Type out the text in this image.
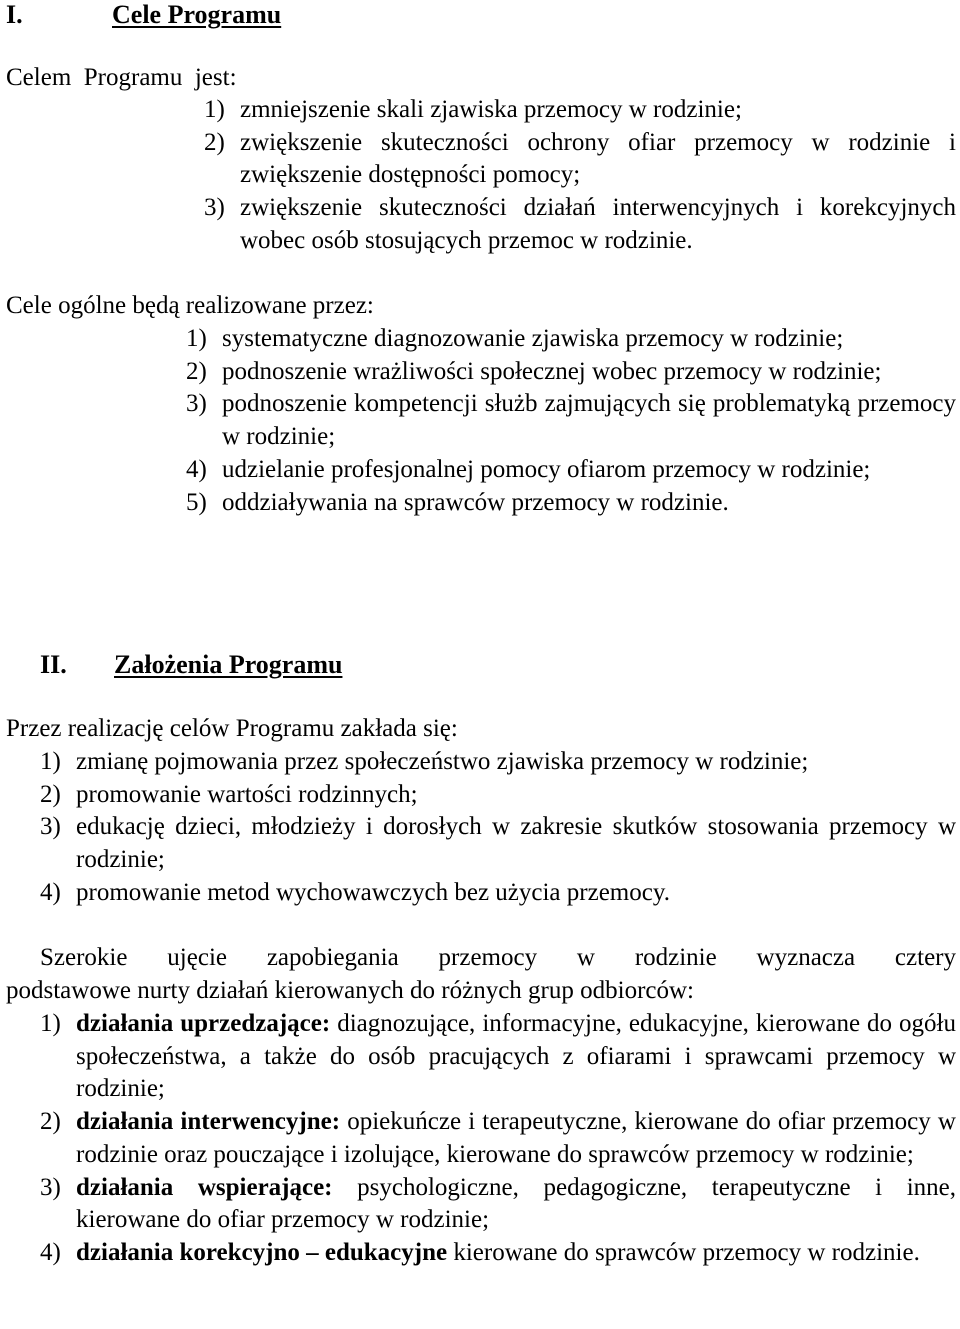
I.	Cele Programu
Celem  Programu  jest:
1) zmniejszenie skali zjawiska przemocy w rodzinie;
2) zwiększenie skuteczności ochrony ofiar przemocy w rodzinie i zwiększenie dostępności pomocy;
3) zwiększenie skuteczności działań interwencyjnych i korekcyjnych wobec osób stosujących przemoc w rodzinie.
Cele ogólne będą realizowane przez:
1) systematyczne diagnozowanie zjawiska przemocy w rodzinie;
2) podnoszenie wrażliwości społecznej wobec przemocy w rodzinie;
3) podnoszenie kompetencji służb zajmujących się problematyką przemocy w rodzinie;
4) udzielanie profesjonalnej pomocy ofiarom przemocy w rodzinie;
5) oddziaływania na sprawców przemocy w rodzinie.
II. Założenia Programu
Przez realizację celów Programu zakłada się:
1) zmianę pojmowania przez społeczeństwo zjawiska przemocy w rodzinie;
2) promowanie wartości rodzinnych;
3) edukację dzieci, młodzieży i dorosłych w zakresie skutków stosowania przemocy w rodzinie;
4) promowanie metod wychowawczych bez użycia przemocy.
Szerokie ujęcie zapobiegania przemocy w rodzinie wyznacza cztery
podstawowe nurty działań kierowanych do różnych grup odbiorców:
1) działania uprzedzające: diagnozujące, informacyjne, edukacyjne, kierowane do ogółu społeczeństwa, a także do osób pracujących z ofiarami i sprawcami przemocy w rodzinie;
2) działania interwencyjne: opiekuńcze i terapeutyczne, kierowane do ofiar przemocy w rodzinie oraz pouczające i izolujące, kierowane do sprawców przemocy w rodzinie;
3) działania wspierające: psychologiczne, pedagogiczne, terapeutyczne i inne, kierowane do ofiar przemocy w rodzinie;
4) działania korekcyjno – edukacyjne kierowane do sprawców przemocy w rodzinie.
